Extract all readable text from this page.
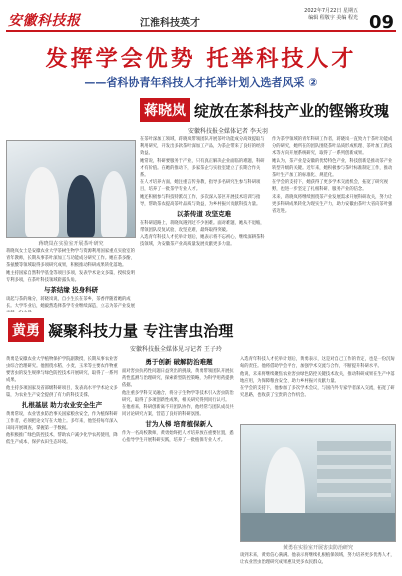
安徽科技报	江淮科技英才
2022年7月22日 星期五
编辑 程敬宇 美编 程光 09
发挥学会优势 托举科技人才
——省科协青年科技人才托举计划入选者风采 ②
蒋晓岚 绽放在茶科技产业的铿锵玫瑰
安徽科技报全媒体记者 李天羽
蒋晓岚在实验室开展茶叶研究

蒋晓岚女士是安徽农业大学茶树生物学与资源利用国家重点实验室的青年教师，长期从事茶叶深加工与功能成分研究工作。她在茶多酚、茶氨酸等领域取得多项研究成果，积极推动科研成果转化落地。

她主持国家自然科学基金等项目多项，发表学术论文多篇，授权发明专利多项，在茶叶科技领域崭露头角。

与茶结缘 投身科研

谈起与茶的缘分，蒋晓岚说，自小生长在茶乡，茶香伴随着她的成长。大学毕业后，她毅然选择茶学专业继续深造，立志为茶产业发展

在茶叶深加工领域，蒋晓岚带领团队开展茶叶功能成分高效提取与利用研究，开发出多款茶叶深加工产品，为茶企带来了良好的经济效益。

她常说，科研要服务于产业，只有真正解决企业面临的难题，科研才有价值。在她的推动下，多家茶企与实验室建立了长期合作关系。

在人才培养方面，她注重言传身教，指导多名研究生参与科研项目，培养了一批茶学专业人才。

她还积极参与科技特派员工作，多次深入茶区开展技术培训与指导，帮助茶农提高茶叶品质与效益，为乡村振兴贡献科技力量。

以茶传道 攻坚克难

在科研道路上，蒋晓岚遇到过不少困难。面对难题，她从不退缩，带领团队反复试验、攻坚克难，最终取得突破。

入选青年科技人才托举计划后，她表示将不忘初心，继续深耕茶科技领域，为安徽茶产业高质量发展贡献更多力量。

作为茶学领域的青年科研工作者，蒋晓岚一直致力于茶叶功能成分的研究，她所在的团队围绕茶叶品质形成机理、茶叶加工新技术等方向开展系统研究，取得了一系列创新成果。

她认为，茶产业是安徽的优势特色产业，科技创新是推动茶产业转型升级的关键。近年来，她积极参与茶叶标准制定工作，推动茶叶生产加工的标准化、规范化。

在学会的支持下，她获得了更多学术交流机会，拓宽了研究视野，也进一步坚定了扎根科研、服务产业的信念。

未来，蒋晓岚将继续围绕茶产业发展需求开展科研攻关，努力让更多科研成果转化为现实生产力，助力安徽由茶叶大省向茶叶强省迈进。

黄勇 凝聚科技力量 专注害虫治理
安徽科技报全媒体见习记者 王子玲

黄勇是安徽农业大学植物保护学院副教授，长期从事农业害虫综合治理研究。他围绕水稻、小麦、玉米等主要农作物重要害虫的发生规律与绿色防控技术开展研究，取得了一系列成果。

他主持多项国家及省部级科研项目，发表高水平学术论文多篇，为农业生产安全提供了有力的科技支撑。

扎根基层 助力农业安全生产

黄勇常说，农业害虫防治事关国家粮食安全，作为植保科研工作者，必须把论文写在大地上。多年来，他坚持每年深入田间开展调查，掌握第一手数据。

他积极推广绿色防控技术，帮助农户减少化学农药使用，降低生产成本，保护农田生态环境。

勇于创新 破解防治难题

面对害虫抗药性问题日益突出的挑战，黄勇带领团队开展抗药性监测与治理研究，探索新型防控策略，为科学用药提供依据。

他注重多学科交叉融合，将分子生物学等技术引入害虫防治研究，取得了多项创新性成果，相关研究得到同行认可。

在他看来，科研创新离不开团队协作，他经常与团队成员共同讨论研究方案，营造了良好的科研氛围。

甘为人梯 培育植保新人

作为一名高校教师，黄勇始终把人才培养放在重要位置，悉心指导学生开展科研实践，培养了一批植保专业人才。

入选青年科技人才托举计划后，黄勇表示，这是对自己工作的肯定，也是一份沉甸甸的责任。他将借助学会平台，加强学术交流与合作，不断提升科研水平。

他说，未来将继续聚焦农业害虫绿色防控关键技术攻关，推动科研成果在生产中落地应用，为保障粮食安全、助力乡村振兴贡献力量。

在学会的支持下，他参加了多次学术会议，与国内外专家学者深入交流，拓宽了研究思路，也收获了宝贵的合作机会。

黄勇在实验室开展害虫防治研究

谈到未来，黄勇信心满满。他表示将继续扎根植保领域，努力培养更多优秀人才，让农业害虫治理研究成果惠及更多农民群众。
